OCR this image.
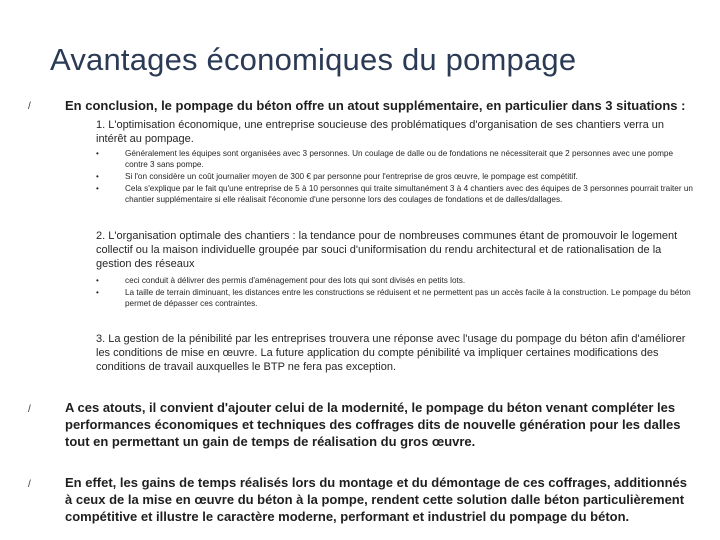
Avantages économiques du pompage
/	En conclusion, le pompage du béton offre un atout supplémentaire, en particulier dans 3 situations :
1. L'optimisation économique, une entreprise soucieuse des problématiques d'organisation de ses chantiers verra un intérêt au pompage.
•	Généralement les équipes sont organisées avec 3 personnes. Un coulage de dalle ou de fondations ne nécessiterait que 2 personnes avec une pompe contre 3 sans pompe.
•	Si l'on considère un coût journalier moyen de 300 € par personne pour l'entreprise de gros œuvre, le pompage est compétitif.
•	Cela s'explique par le fait qu'une entreprise de 5 à 10 personnes qui traite simultanément 3 à 4 chantiers avec des équipes de 3 personnes pourrait traiter un chantier supplémentaire si elle réalisait l'économie d'une personne lors des coulages de fondations et de dalles/dallages.
2. L'organisation optimale des chantiers : la tendance pour de nombreuses communes étant de promouvoir le logement collectif ou la maison individuelle groupée par souci d'uniformisation du rendu architectural et de rationalisation de la gestion des réseaux
•	ceci conduit à délivrer des permis d'aménagement pour des lots qui sont divisés en petits lots.
•	La taille de terrain diminuant, les distances entre les constructions se réduisent et ne permettent pas un accès facile à la construction. Le pompage du béton permet de dépasser ces contraintes.
3. La gestion de la pénibilité par les entreprises trouvera une réponse avec l'usage du pompage du béton afin d'améliorer les conditions de mise en œuvre. La future application du compte pénibilité va impliquer certaines modifications des conditions de travail auxquelles le BTP ne fera pas exception.
/	A ces atouts, il convient d'ajouter celui de la modernité, le pompage du béton venant compléter les performances économiques et techniques des coffrages dits de nouvelle génération pour les dalles tout en permettant un gain de temps de réalisation du gros œuvre.
/	En effet, les gains de temps réalisés lors du montage et du démontage de ces coffrages, additionnés à ceux de la mise en œuvre du béton à la pompe, rendent cette solution dalle béton particulièrement compétitive et illustre le caractère moderne, performant et industriel du pompage du béton.
